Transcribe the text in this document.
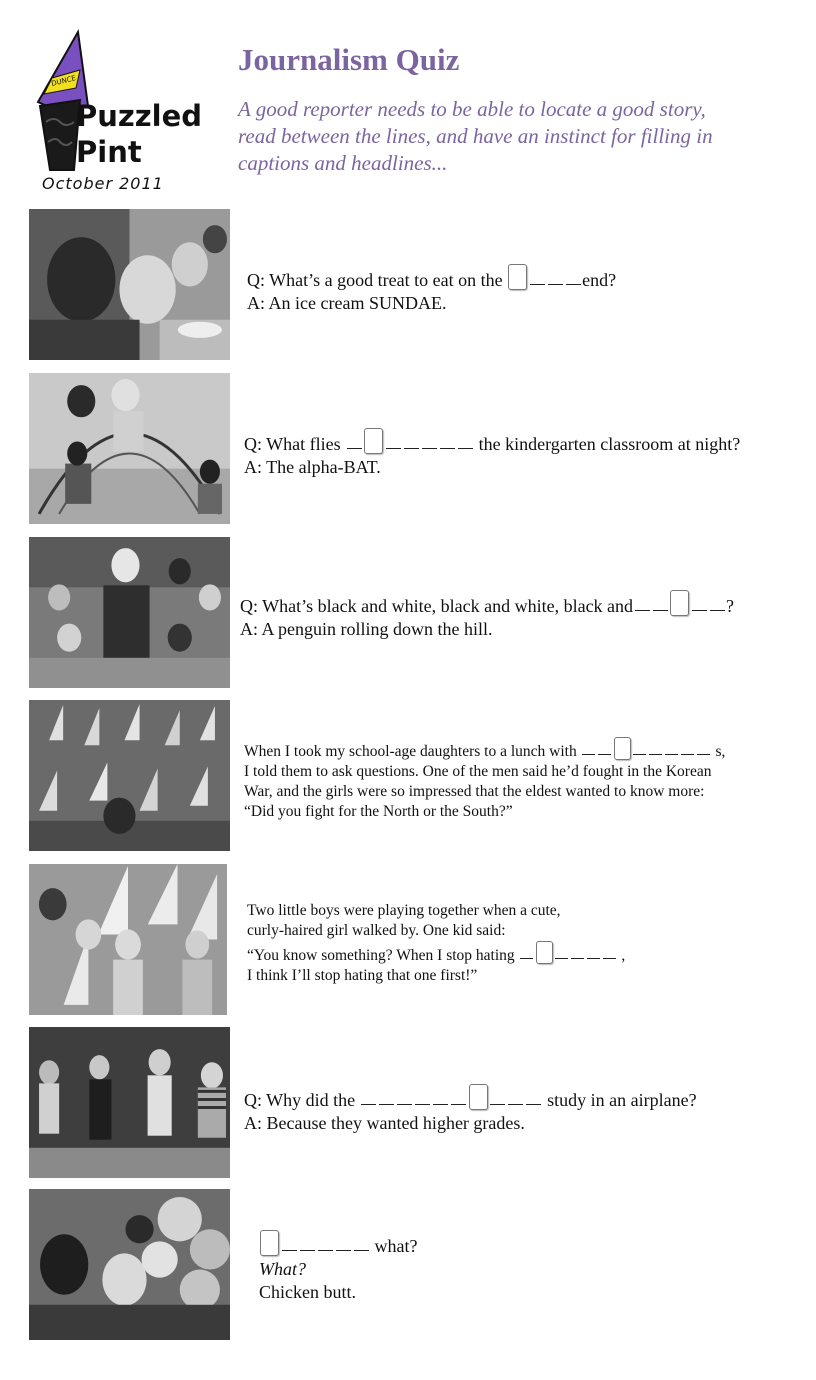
DUNCE
Puzzled
Pint
October 2011
Journalism Quiz

A good reporter needs to be able to locate a good story,
read between the lines, and have an instinct for filling in
captions and headlines...

Q: What’s a good treat to eat on the	end?
A: An ice cream SUNDAE.
Q: What flies	the kindergarten classroom at night?
A: The alpha-BAT.
Q: What’s black and white, black and white, black and	?
A: A penguin rolling down the hill.
When I took my school-age daughters to a lunch with	s,
I told them to ask questions. One of the men said he’d fought in the Korean
War, and the girls were so impressed that the eldest wanted to know more:
“Did you fight for the North or the South?”
Two little boys were playing together when a cute,
curly-haired girl walked by. One kid said:
“You know something? When I stop hating	,
I think I’ll stop hating that one first!”
Q: Why did the	study in an airplane?
A: Because they wanted higher grades.
what?
What?
Chicken butt.
